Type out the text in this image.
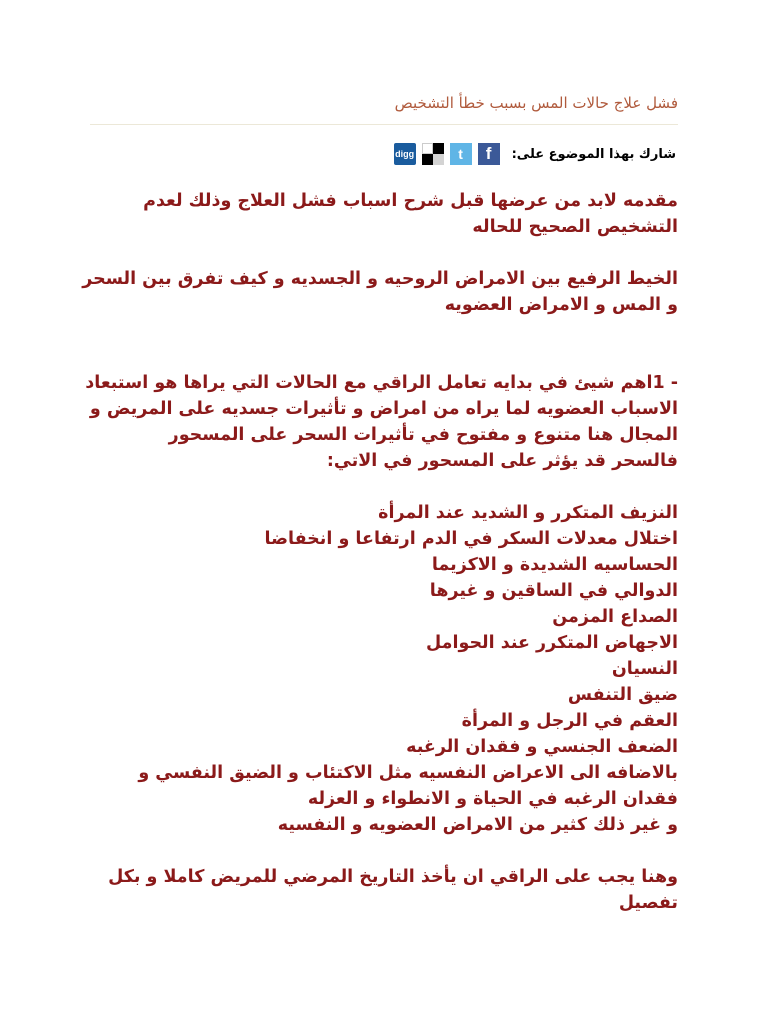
فشل علاج حالات المس بسبب خطأ التشخيص
شارك بهذا الموضوع على:
f
t
digg

مقدمه لابد من عرضها قبل شرح اسباب فشل العلاج وذلك لعدم التشخيص الصحيح للحاله

الخيط الرفيع بين الامراض الروحيه و الجسديه و كيف تفرق بين السحر و المس و الامراض العضويه

- 1اهم شيئ في بدايه تعامل الراقي مع الحالات التي يراها هو استبعاد الاسباب العضويه لما يراه من امراض و تأثيرات جسديه على المريض و المجال هنا متنوع و مفتوح في تأثيرات السحر على المسحور

فالسحر قد يؤثر على المسحور في الاتي:

النزيف المتكرر و الشديد عند المرأة

اختلال معدلات السكر في الدم ارتفاعا و انخفاضا

الحساسيه الشديدة و الاكزيما

الدوالي في الساقين و غيرها

الصداع المزمن

الاجهاض المتكرر عند الحوامل

النسيان

ضيق التنفس

العقم في الرجل و المرأة

الضعف الجنسي و فقدان الرغبه

بالاضافه الى الاعراض النفسيه مثل الاكتئاب و الضيق النفسي و فقدان الرغبه في الحياة و الانطواء و العزله

و غير ذلك كثير من الامراض العضويه و النفسيه

وهنا يجب على الراقي ان يأخذ التاريخ المرضي للمريض كاملا و بكل تفصيل
